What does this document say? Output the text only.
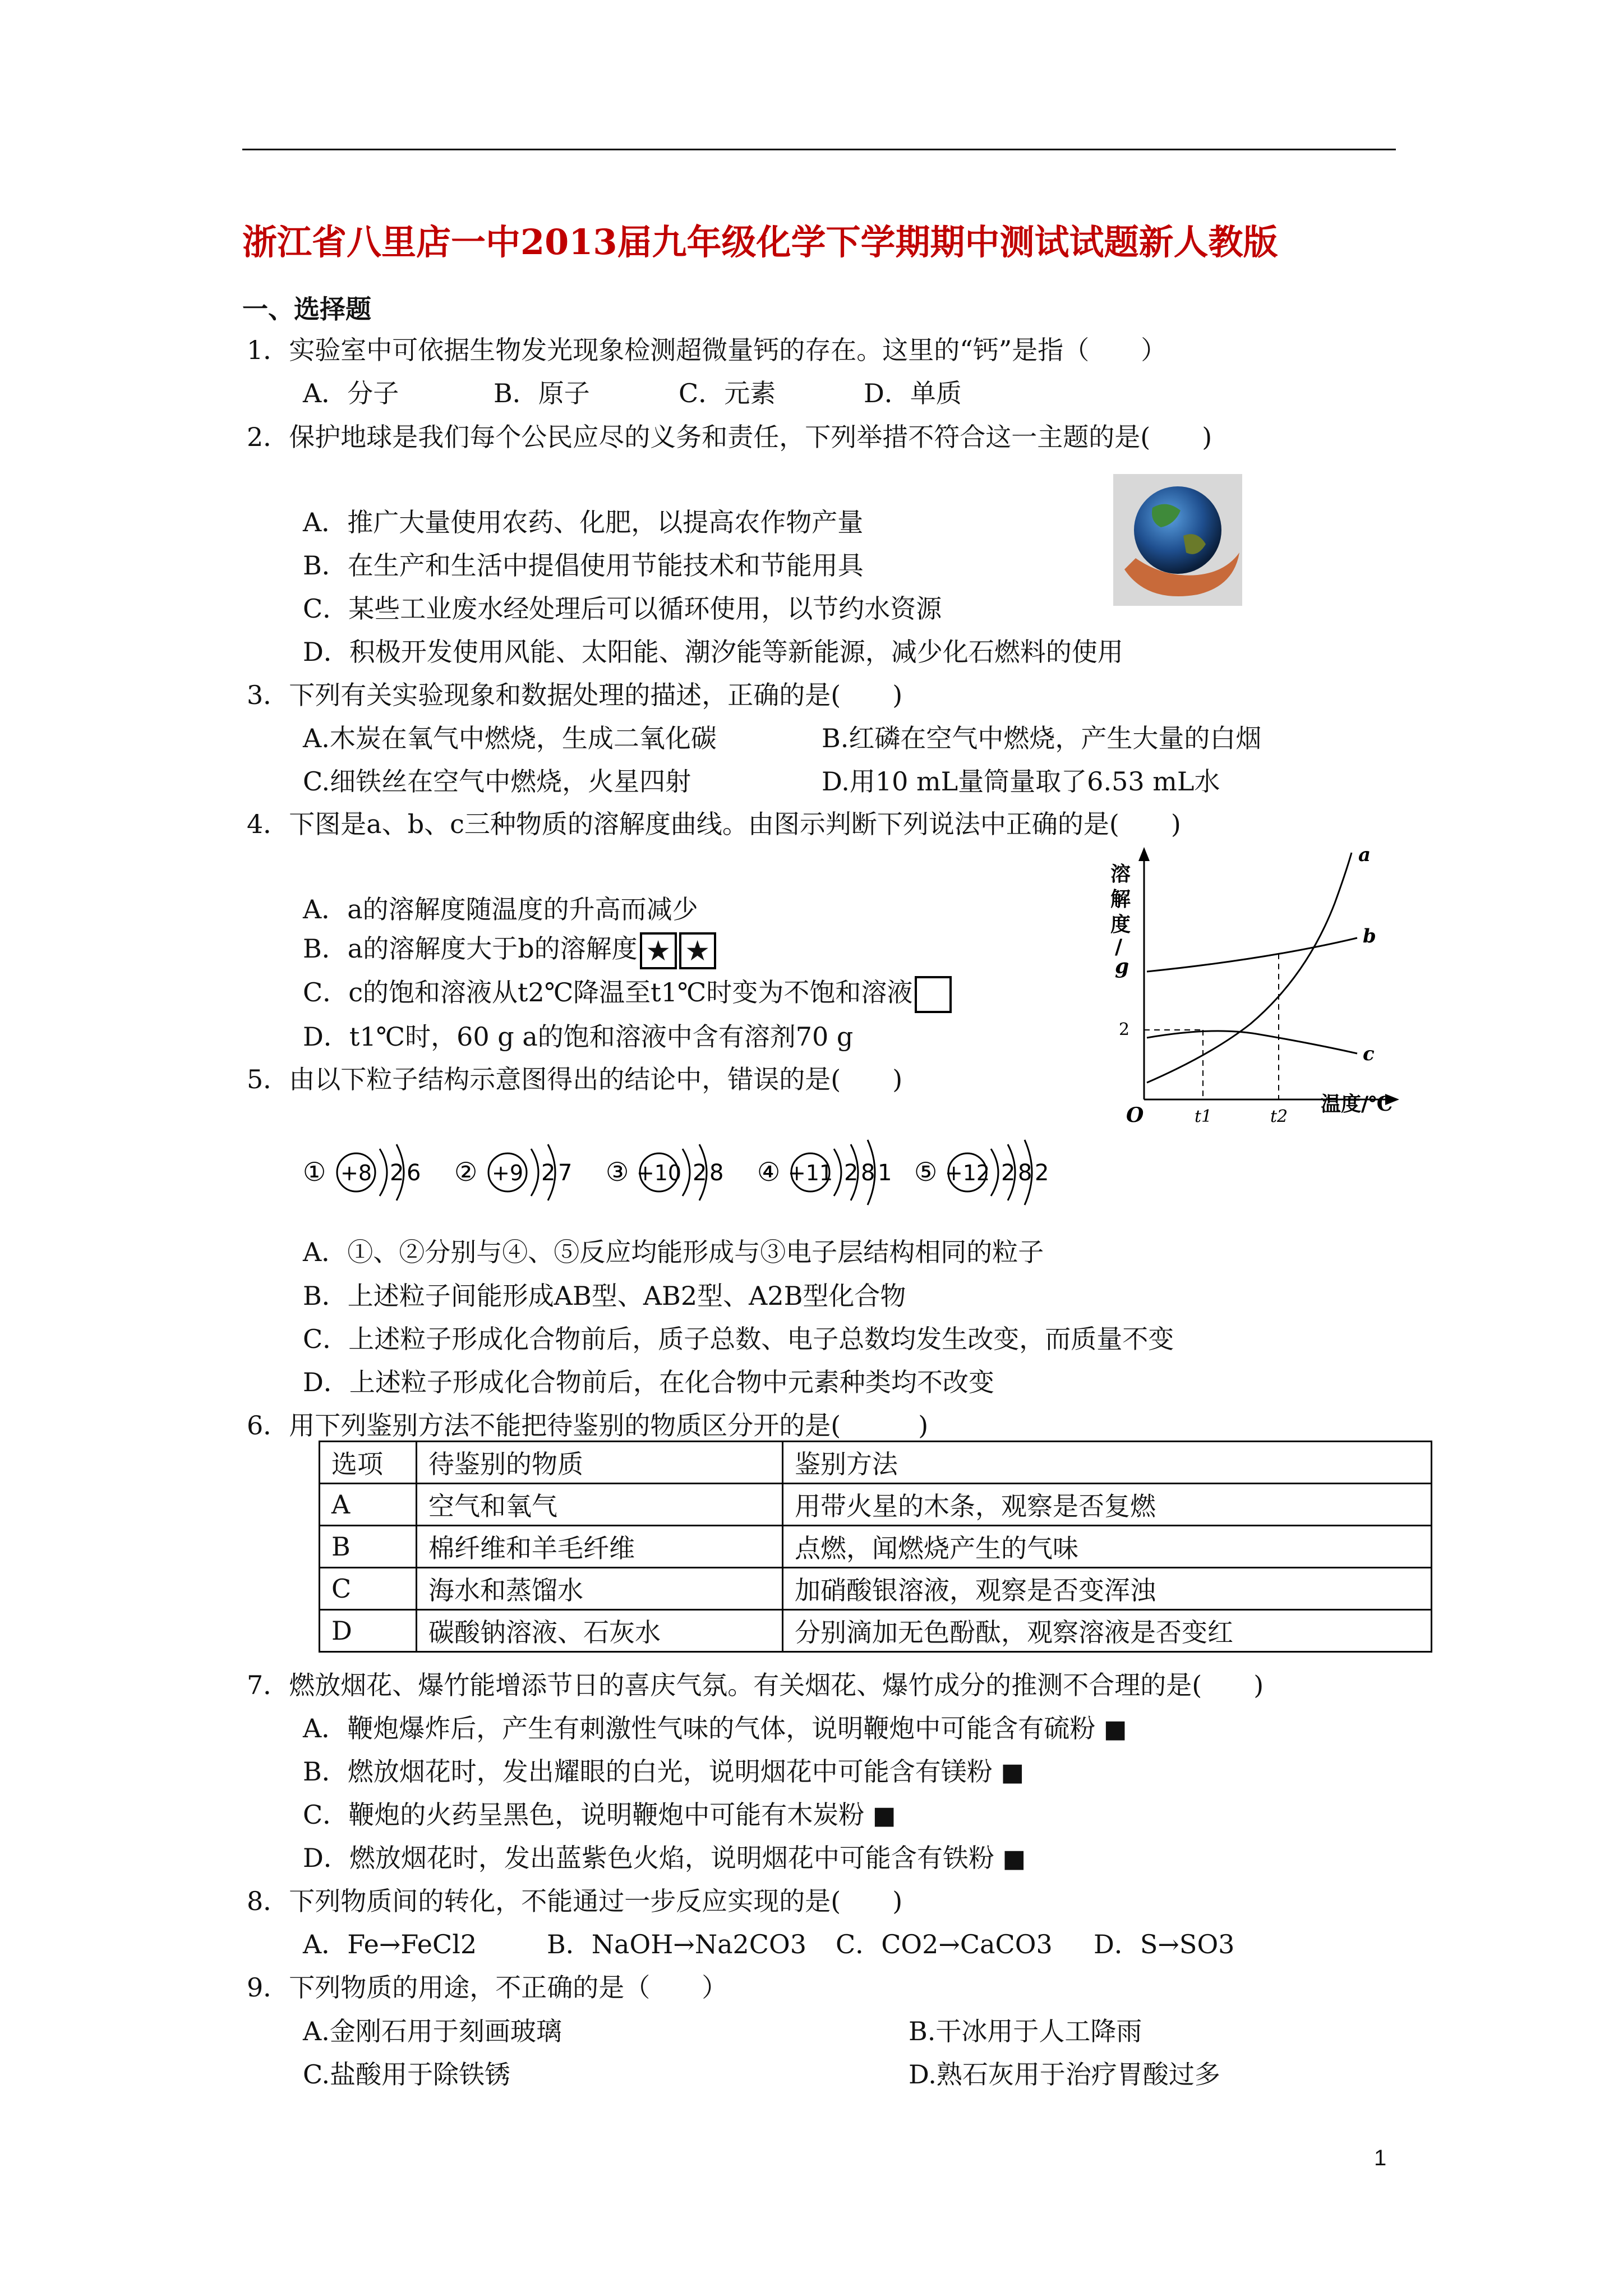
浙江省八里店一中2013届九年级化学下学期期中测试试题新人教版
一、选择题
1．实验室中可依据生物发光现象检测超微量钙的存在。这里的“钙”是指（　　）
A．分子	B．原子	C．元素	D．单质
2．保护地球是我们每个公民应尽的义务和责任，下列举措不符合这一主题的是(　　)
A．推广大量使用农药、化肥，以提高农作物产量
B．在生产和生活中提倡使用节能技术和节能用具
C．某些工业废水经处理后可以循环使用，以节约水资源
D．积极开发使用风能、太阳能、潮汐能等新能源，减少化石燃料的使用
3．下列有关实验现象和数据处理的描述，正确的是(　　)
A.木炭在氧气中燃烧，生成二氧化碳	B.红磷在空气中燃烧，产生大量的白烟
C.细铁丝在空气中燃烧，火星四射	D.用10 mL量筒量取了6.53 mL水
4．下图是a、b、c三种物质的溶解度曲线。由图示判断下列说法中正确的是(　　)
A．a的溶解度随温度的升高而减少
B．a的溶解度大于b的溶解度 ★ ★
C．c的饱和溶液从t2℃降温至t1℃时变为不饱和溶液
D．t1℃时，60 g a的饱和溶液中含有溶剂70 g
溶
解
度
/
g
2
O	t1	t2
温度/℃
a
b
c
5．由以下粒子结构示意图得出的结论中，错误的是(　　)
① +8 2 6 ② +9 2 7 ③ +10 2 8 ④ +11 2 8 1 ⑤ +12 2 8 2
A．①、②分别与④、⑤反应均能形成与③电子层结构相同的粒子
B．上述粒子间能形成AB型、AB2型、A2B型化合物
C．上述粒子形成化合物前后，质子总数、电子总数均发生改变，而质量不变
D．上述粒子形成化合物前后，在化合物中元素种类均不改变
6．用下列鉴别方法不能把待鉴别的物质区分开的是(　　　)
选项	待鉴别的物质	鉴别方法
A	空气和氧气	用带火星的木条，观察是否复燃
B	棉纤维和羊毛纤维	点燃，闻燃烧产生的气味
C	海水和蒸馏水	加硝酸银溶液，观察是否变浑浊
D	碳酸钠溶液、石灰水	分别滴加无色酚酞，观察溶液是否变红
7．燃放烟花、爆竹能增添节日的喜庆气氛。有关烟花、爆竹成分的推测不合理的是(　　)
A．鞭炮爆炸后，产生有刺激性气味的气体，说明鞭炮中可能含有硫粉 ■
B．燃放烟花时，发出耀眼的白光，说明烟花中可能含有镁粉 ■
C．鞭炮的火药呈黑色，说明鞭炮中可能有木炭粉 ■
D．燃放烟花时，发出蓝紫色火焰，说明烟花中可能含有铁粉 ■
8．下列物质间的转化，不能通过一步反应实现的是(　　)
A．Fe→FeCl2	B．NaOH→Na2CO3 C．CO2→CaCO3 D．S→SO3
9．下列物质的用途，不正确的是（　　）
A.金刚石用于刻画玻璃	B.干冰用于人工降雨
C.盐酸用于除铁锈	D.熟石灰用于治疗胃酸过多
1
